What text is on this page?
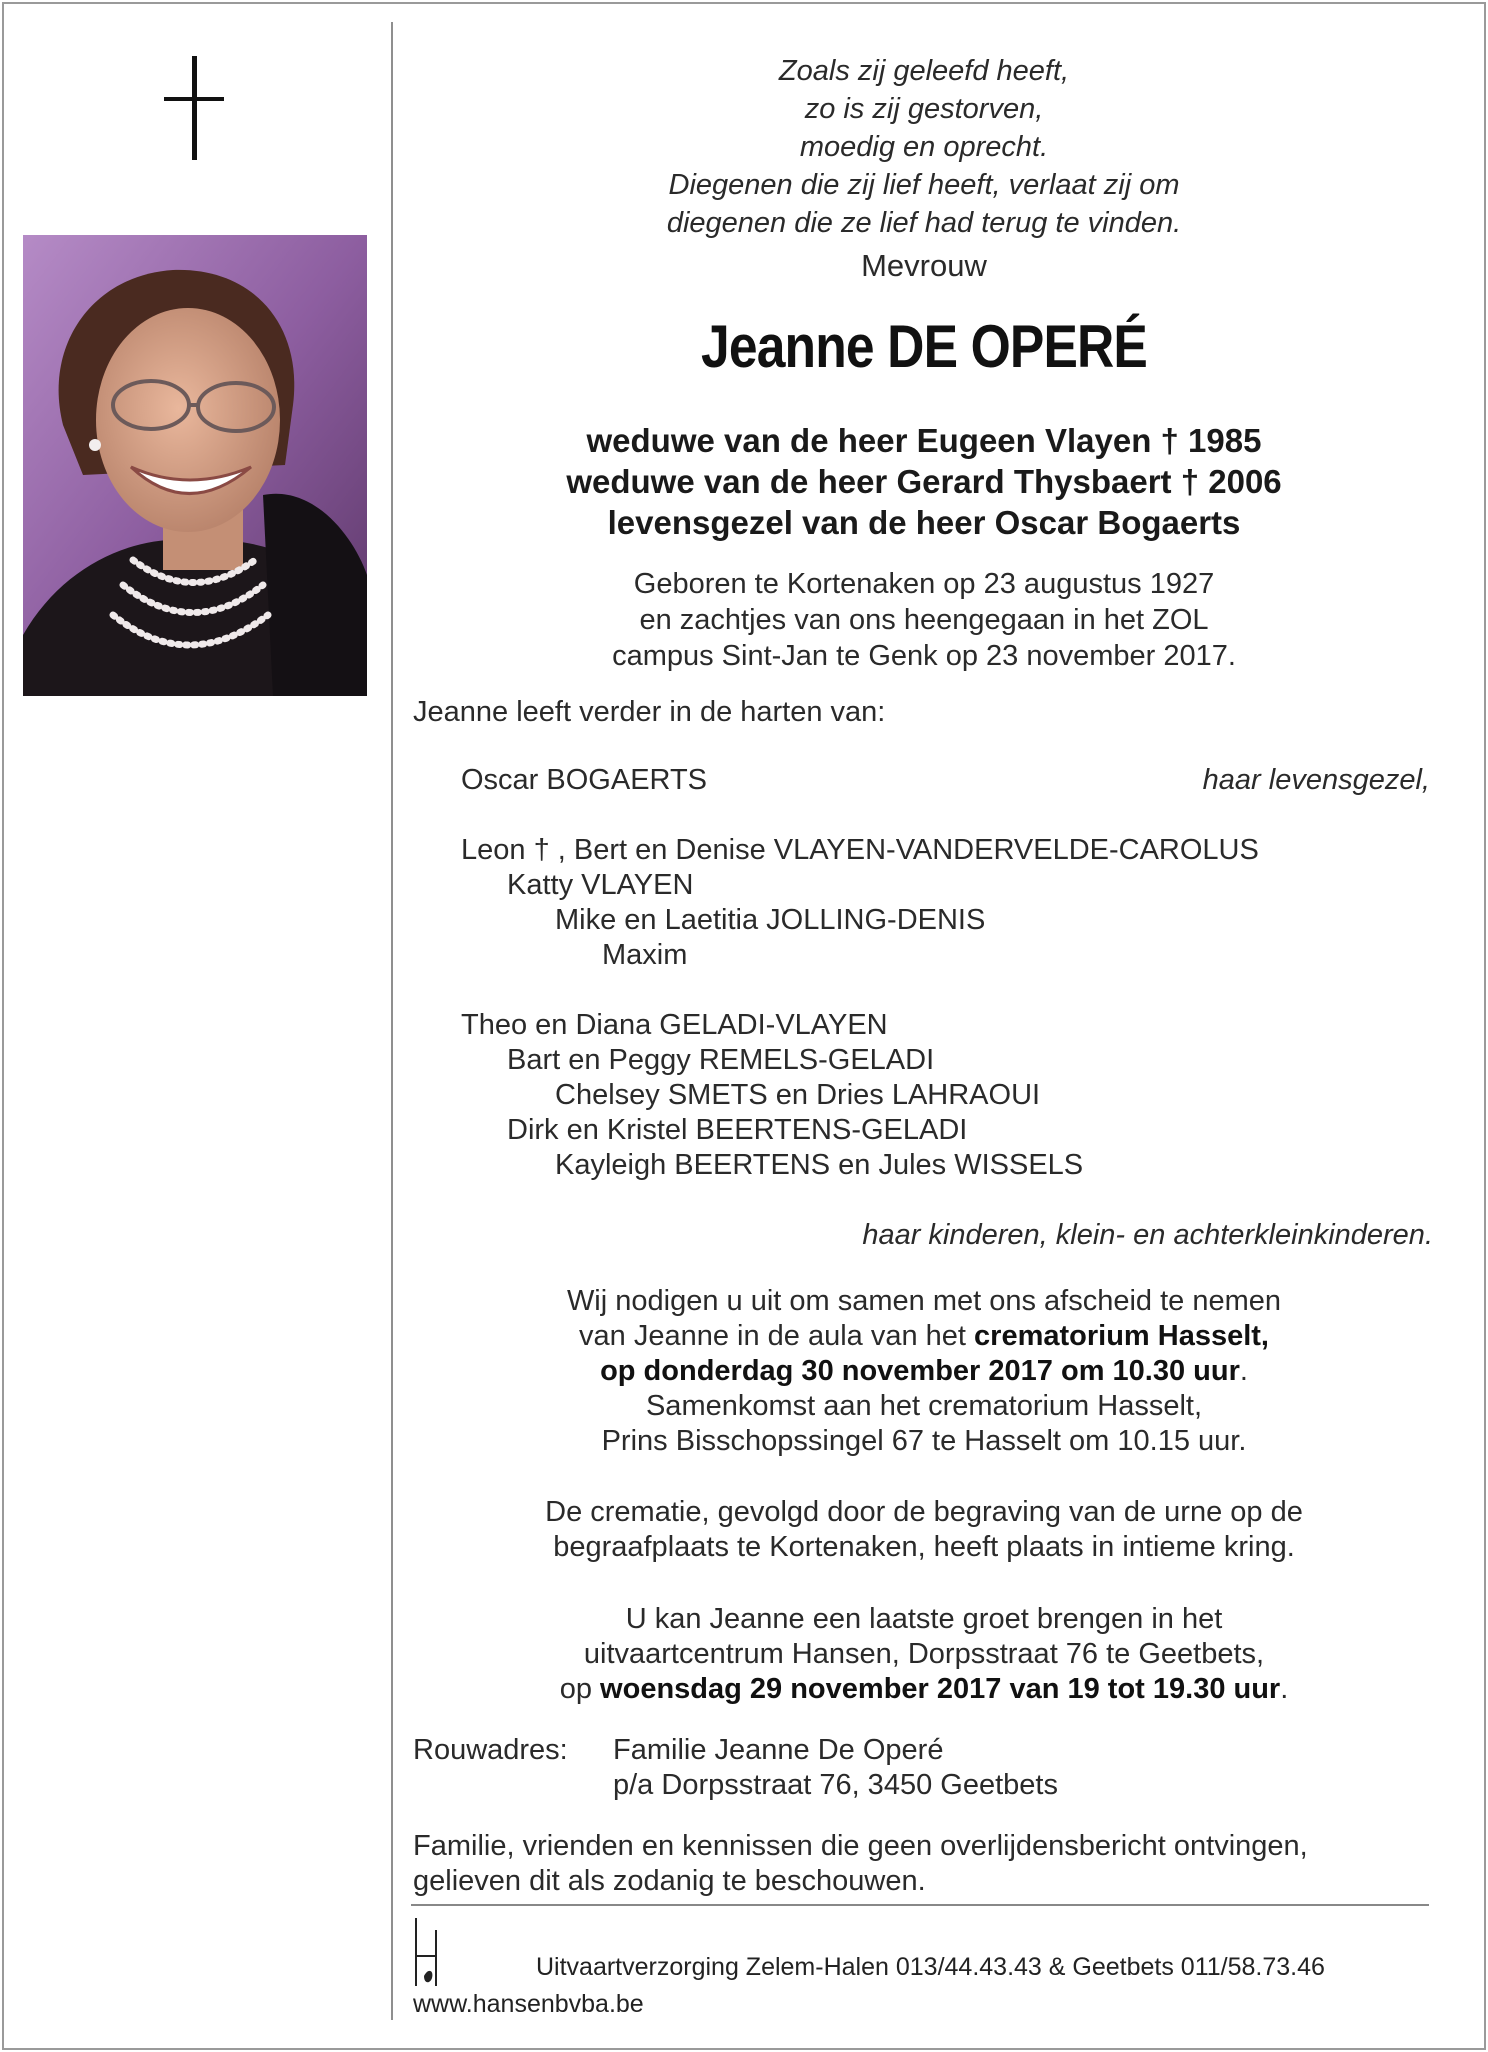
Zoals zij geleefd heeft,
zo is zij gestorven,
moedig en oprecht.
Diegenen die zij lief heeft, verlaat zij om
diegenen die ze lief had terug te vinden.
Mevrouw
Jeanne DE OPERÉ
weduwe van de heer Eugeen Vlayen † 1985
weduwe van de heer Gerard Thysbaert † 2006
levensgezel van de heer Oscar Bogaerts
Geboren te Kortenaken op 23 augustus 1927
en zachtjes van ons heengegaan in het ZOL
campus Sint-Jan te Genk op 23 november 2017.
Jeanne leeft verder in de harten van:
Oscar BOGAERTS	haar levensgezel,
Leon † , Bert en Denise VLAYEN-VANDERVELDE-CAROLUS
Katty VLAYEN
Mike en Laetitia JOLLING-DENIS
Maxim
Theo en Diana GELADI-VLAYEN
Bart en Peggy REMELS-GELADI
Chelsey SMETS en Dries LAHRAOUI
Dirk en Kristel BEERTENS-GELADI
Kayleigh BEERTENS en Jules WISSELS
haar kinderen, klein- en achterkleinkinderen.
Wij nodigen u uit om samen met ons afscheid te nemen
van Jeanne in de aula van het crematorium Hasselt,
op donderdag 30 november 2017 om 10.30 uur.
Samenkomst aan het crematorium Hasselt,
Prins Bisschopssingel 67 te Hasselt om 10.15 uur.
De crematie, gevolgd door de begraving van de urne op de
begraafplaats te Kortenaken, heeft plaats in intieme kring.
U kan Jeanne een laatste groet brengen in het
uitvaartcentrum Hansen, Dorpsstraat 76 te Geetbets,
op woensdag 29 november 2017 van 19 tot 19.30 uur.
Rouwadres: Familie Jeanne De Operé
p/a Dorpsstraat 76, 3450 Geetbets
Familie, vrienden en kennissen die geen overlijdensbericht ontvingen,
gelieven dit als zodanig te beschouwen.
Uitvaartverzorging Zelem-Halen 013/44.43.43 & Geetbets 011/58.73.46
www.hansenbvba.be
